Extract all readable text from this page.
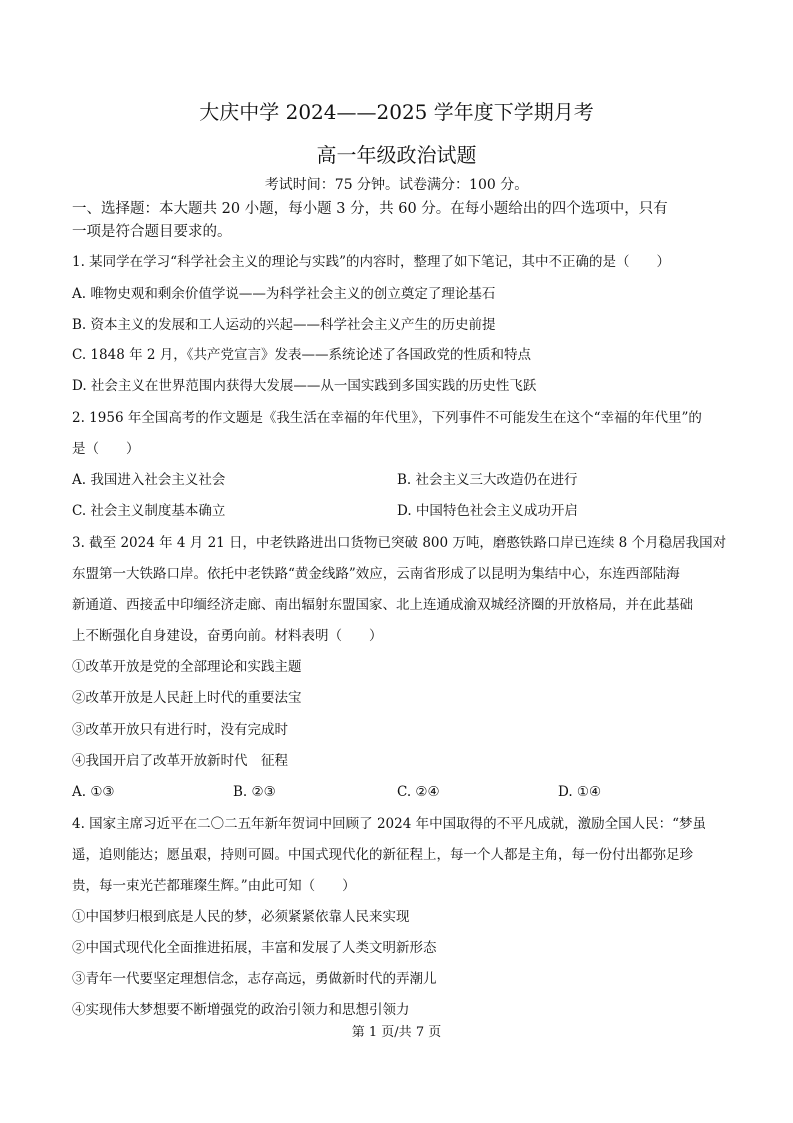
大庆中学 2024——2025 学年度下学期月考
高一年级政治试题
考试时间：75 分钟。试卷满分：100 分。
一、选择题：本大题共 20 小题，每小题 3 分，共 60 分。在每小题给出的四个选项中，只有
一项是符合题目要求的。
1. 某同学在学习“科学社会主义的理论与实践”的内容时，整理了如下笔记，其中不正确的是（　　）
A. 唯物史观和剩余价值学说——为科学社会主义的创立奠定了理论基石
B. 资本主义的发展和工人运动的兴起——科学社会主义产生的历史前提
C. 1848 年 2 月，《共产党宣言》发表——系统论述了各国政党的性质和特点
D. 社会主义在世界范围内获得大发展——从一国实践到多国实践的历史性飞跃
2. 1956 年全国高考的作文题是《我生活在幸福的年代里》，下列事件不可能发生在这个“幸福的年代里”的
是（　　）
A. 我国进入社会主义社会	B. 社会主义三大改造仍在进行
C. 社会主义制度基本确立	D. 中国特色社会主义成功开启
3. 截至 2024 年 4 月 21 日，中老铁路进出口货物已突破 800 万吨，磨憨铁路口岸已连续 8 个月稳居我国对
东盟第一大铁路口岸。依托中老铁路“黄金线路”效应，云南省形成了以昆明为集结中心，东连西部陆海
新通道、西接孟中印缅经济走廊、南出辐射东盟国家、北上连通成渝双城经济圈的开放格局，并在此基础
上不断强化自身建设，奋勇向前。材料表明（　　）
①改革开放是党的全部理论和实践主题
②改革开放是人民赶上时代的重要法宝
③改革开放只有进行时，没有完成时
④我国开启了改革开放新时代　征程
A. ①③	B. ②③	C. ②④	D. ①④
4. 国家主席习近平在二〇二五年新年贺词中回顾了 2024 年中国取得的不平凡成就，激励全国人民：“梦虽
遥，追则能达；愿虽艰，持则可圆。中国式现代化的新征程上，每一个人都是主角，每一份付出都弥足珍
贵，每一束光芒都璀璨生辉。”由此可知（　　）
①中国梦归根到底是人民的梦，必须紧紧依靠人民来实现
②中国式现代化全面推进拓展，丰富和发展了人类文明新形态
③青年一代要坚定理想信念，志存高远，勇做新时代的弄潮儿
④实现伟大梦想要不断增强党的政治引领力和思想引领力
第 1 页/共 7 页
